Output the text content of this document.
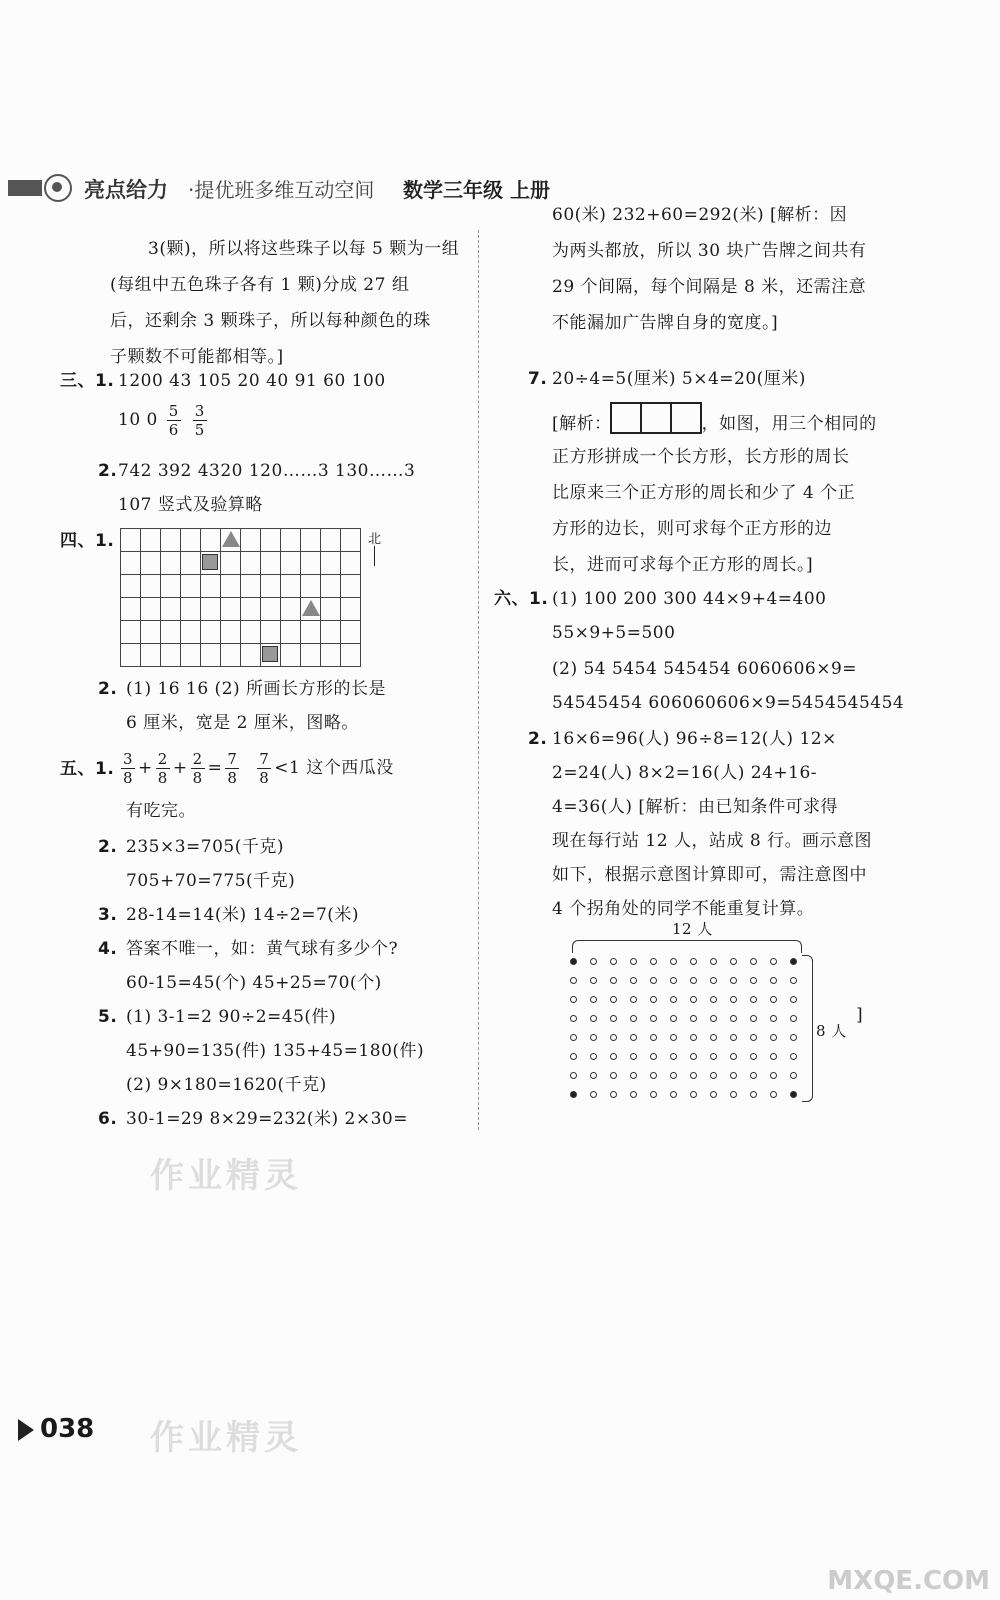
亮点给力 ·提优班多维互动空间 数学三年级 上册
3(颗)，所以将这些珠子以每 5 颗为一组
(每组中五色珠子各有 1 颗)分成 27 组
后，还剩余 3 颗珠子，所以每种颜色的珠
子颗数不可能都相等。]
三、1. 1200 43 105 20 40 91 60 100
10 $0 \frac{5}{6}$
$\frac{3}{5}$
2. 742 392 4320 120……3 130……3
107 竖式及验算略
四、1.	北
2. (1) 16 16 (2) 所画长方形的长是
6 厘米，宽是 2 厘米，图略。
五、1. $\frac{3}{8} + \frac{2}{8} + \frac{2}{8} = \frac{7}{8}$
$\frac{7}{8} <1$ 这个西瓜没
有吃完。
2. 235×3=705(千克)
705+70=775(千克)
3. 28-14=14(米) 14÷2=7(米)
4. 答案不唯一，如：黄气球有多少个?
60-15=45(个) 45+25=70(个)
5. (1) 3-1=2 90÷2=45(件)
45+90=135(件) 135+45=180(件)
(2) 9×180=1620(千克)
6. 30-1=29 8×29=232(米) 2×30=
60(米) 232+60=292(米) [解析：因
为两头都放，所以 30 块广告牌之间共有
29 个间隔，每个间隔是 8 米，还需注意
不能漏加广告牌自身的宽度。]
7. 20÷4=5(厘米) 5×4=20(厘米)
[解析：	，如图，用三个相同的
正方形拼成一个长方形，长方形的周长
比原来三个正方形的周长和少了 4 个正
方形的边长，则可求每个正方形的边
长，进而可求每个正方形的周长。]
六、1. (1) 100 200 300 44×9+4=400
55×9+5=500
(2) 54 5454 545454 6060606×9=
54545454 606060606×9=5454545454
2. 16×6=96(人) 96÷8=12(人) 12×
2=24(人) 8×2=16(人) 24+16-
4=36(人) [解析：由已知条件可求得
现在每行站 12 人，站成 8 行。画示意图
如下，根据示意图计算即可，需注意图中
4 个拐角处的同学不能重复计算。
12 人
8 人
]
作业精灵
作业精灵
038
MXQE.COM
